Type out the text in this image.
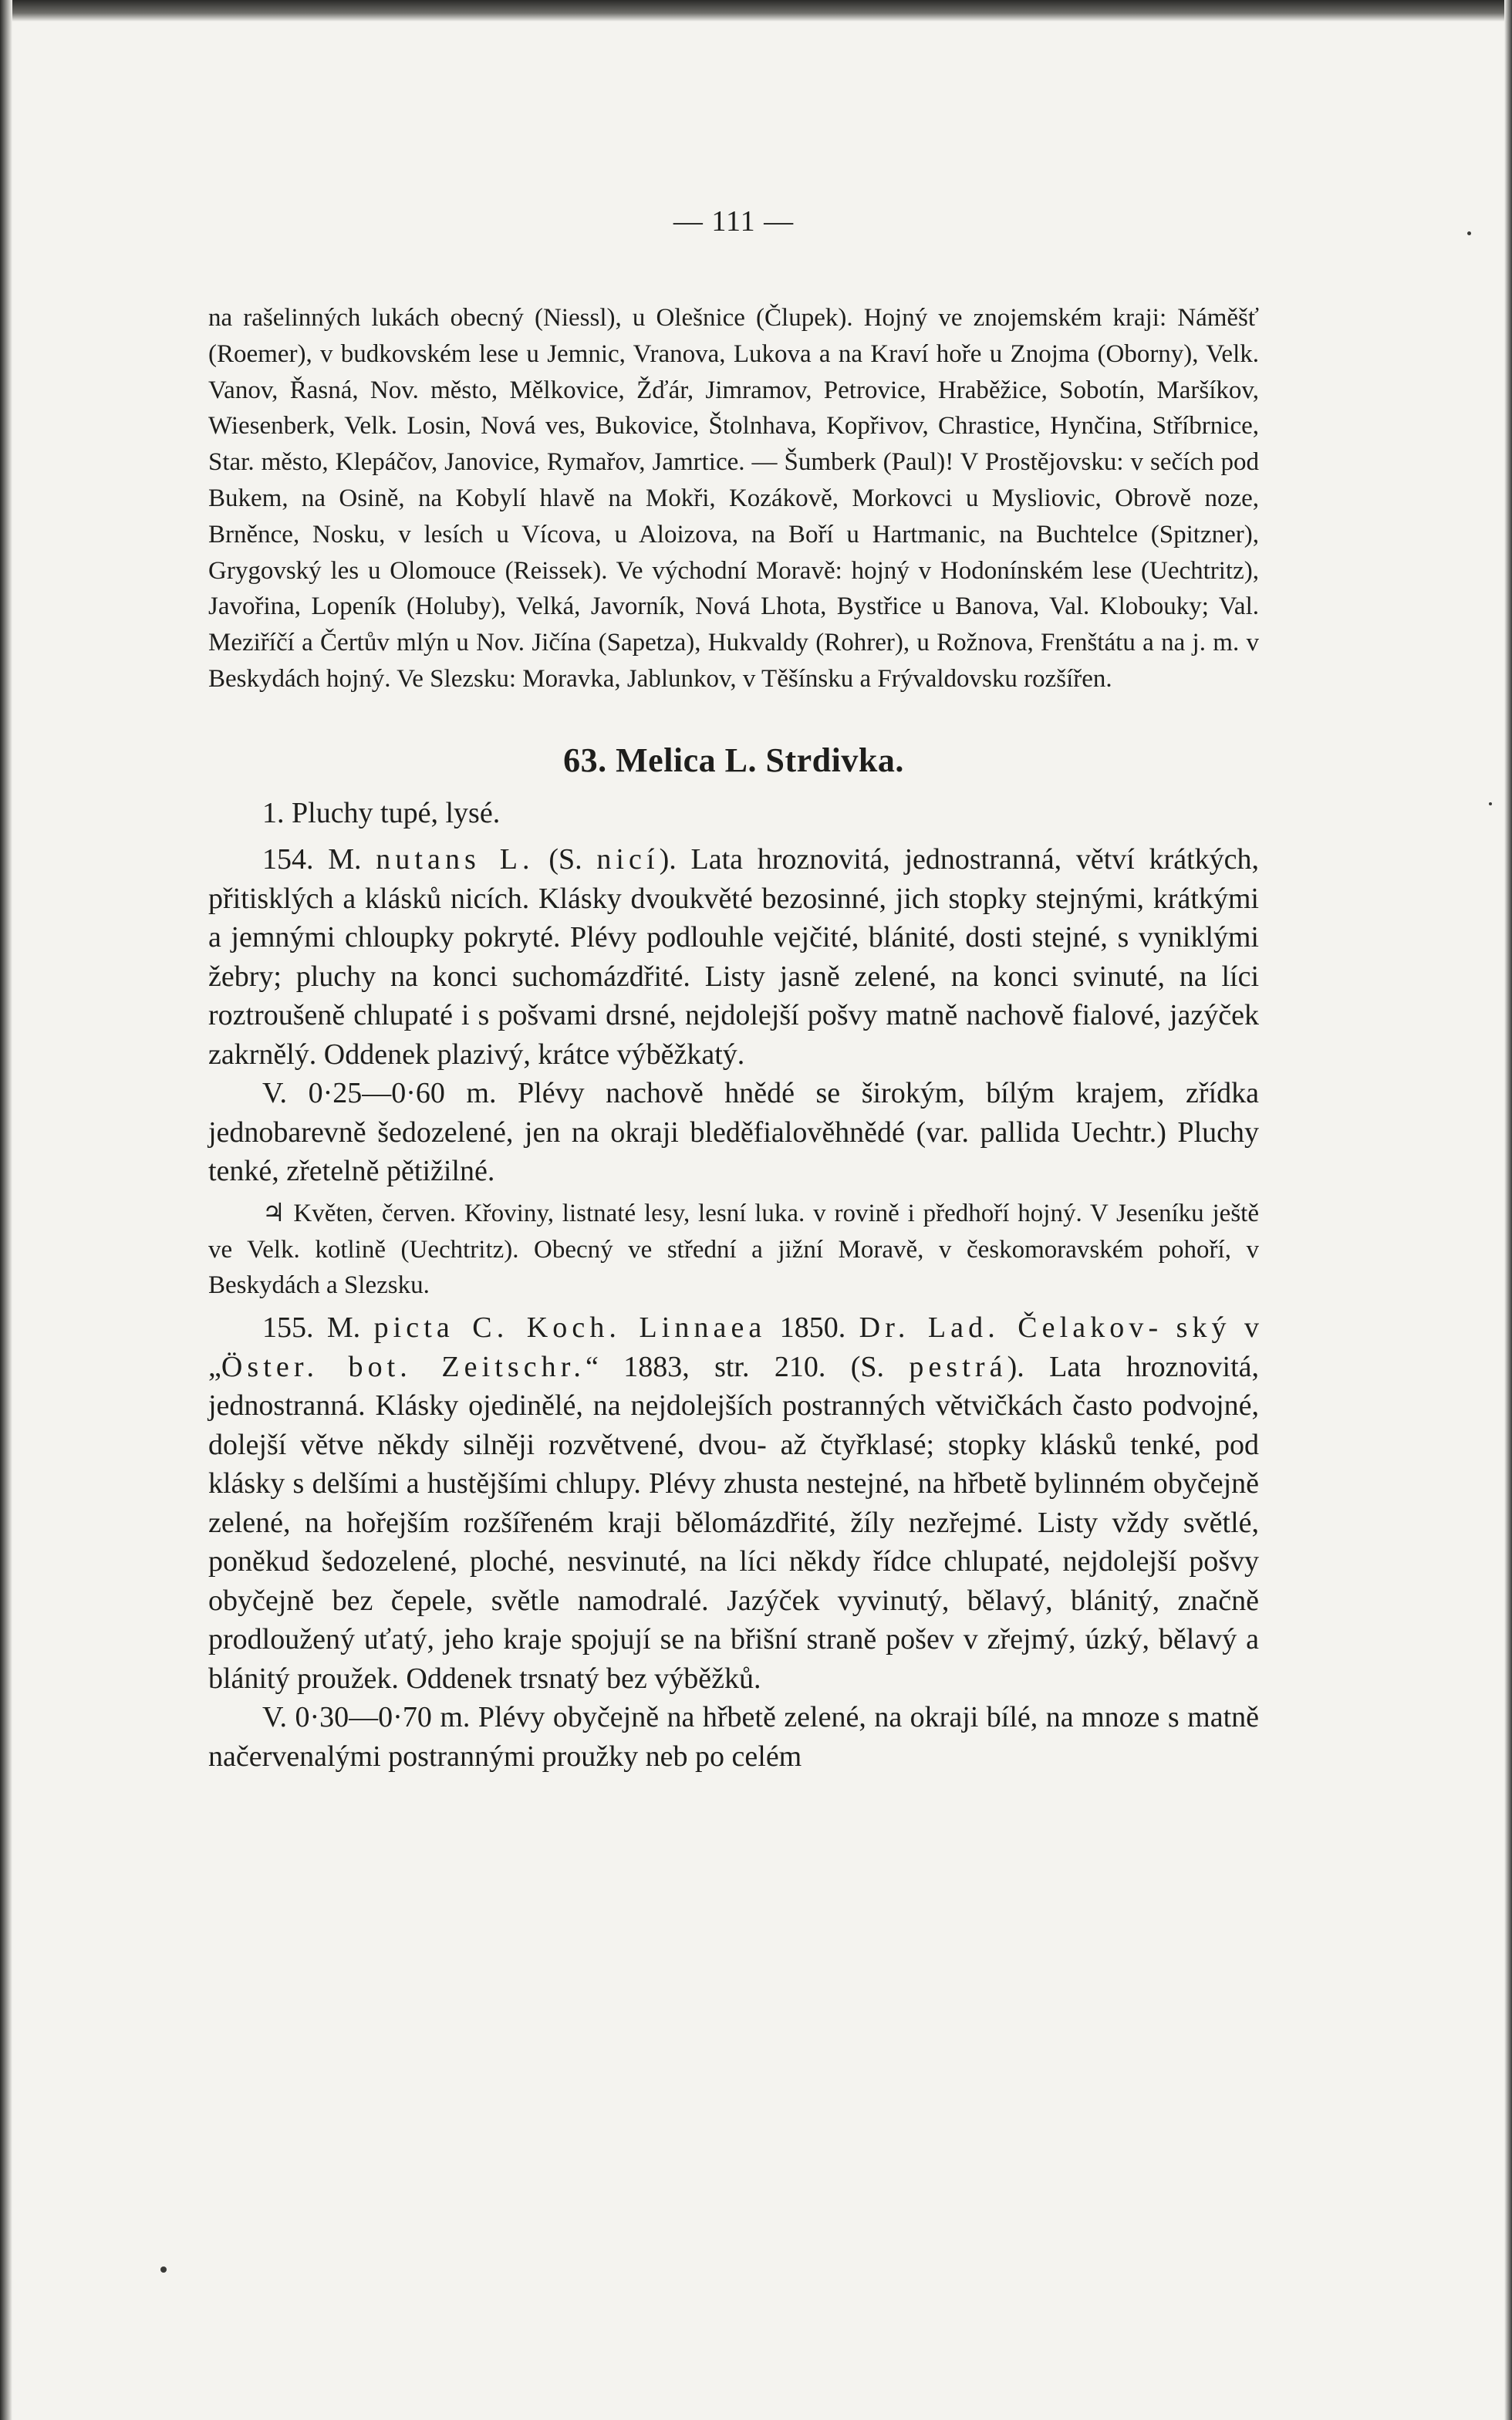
— 111 —

na rašelinných lukách obecný (Niessl), u Olešnice (Člupek). Hojný ve znojemském kraji: Náměšť (Roemer), v budkovském lese u Jemnic, Vranova, Lukova a na Kraví hoře u Znojma (Oborny), Velk. Vanov, Řasná, Nov. město, Mělkovice, Žďár, Jimramov, Petrovice, Hraběžice, Sobotín, Maršíkov, Wiesenberk, Velk. Losin, Nová ves, Bukovice, Štolnhava, Kopřivov, Chrastice, Hynčina, Stříbrnice, Star. město, Klepáčov, Janovice, Rymařov, Jamrtice. — Šumberk (Paul)! V Prostějovsku: v sečích pod Bukem, na Osině, na Kobylí hlavě na Mokři, Kozákově, Morkovci u Mysliovic, Obrově noze, Brněnce, Nosku, v lesích u Vícova, u Aloizova, na Boří u Hartmanic, na Buchtelce (Spitzner), Grygovský les u Olomouce (Reissek). Ve východní Moravě: hojný v Hodonínském lese (Uechtritz), Javořina, Lopeník (Holuby), Velká, Javorník, Nová Lhota, Bystřice u Banova, Val. Klobouky; Val. Meziříčí a Čertův mlýn u Nov. Jičína (Sapetza), Hukvaldy (Rohrer), u Rožnova, Frenštátu a na j. m. v Beskydách hojný. Ve Slezsku: Moravka, Jablunkov, v Těšínsku a Frývaldovsku rozšířen.

63. Melica L. Strdivka.

1. Pluchy tupé, lysé.

154. M. nutans L. (S. nicí). Lata hroznovitá, jednostranná, větví krátkých, přitisklých a klásků nicích. Klásky dvoukvěté bezosinné, jich stopky stejnými, krátkými a jemnými chloupky pokryté. Plévy podlouhle vejčité, blánité, dosti stejné, s vyniklými žebry; pluchy na konci suchomázdřité. Listy jasně zelené, na konci svinuté, na líci roztroušeně chlupaté i s pošvami drsné, nejdolejší pošvy matně nachově fialové, jazýček zakrnělý. Oddenek plazivý, krátce výběžkatý.

V. 0·25—0·60 m. Plévy nachově hnědé se širokým, bílým krajem, zřídka jednobarevně šedozelené, jen na okraji bleděfialověhnědé (var. pallida Uechtr.) Pluchy tenké, zřetelně pětižilné.

♃ Květen, červen. Křoviny, listnaté lesy, lesní luka. v rovině i předhoří hojný. V Jeseníku ještě ve Velk. kotlině (Uechtritz). Obecný ve střední a jižní Moravě, v českomoravském pohoří, v Beskydách a Slezsku.

155. M. picta C. Koch. Linnaea 1850. Dr. Lad. Čelakov- ský v „Öster. bot. Zeitschr.“ 1883, str. 210. (S. pestrá). Lata hroznovitá, jednostranná. Klásky ojedinělé, na nejdolejších postranných větvičkách často podvojné, dolejší větve někdy silněji rozvětvené, dvou- až čtyřklasé; stopky klásků tenké, pod klásky s delšími a hustějšími chlupy. Plévy zhusta nestejné, na hřbetě bylinném obyčejně zelené, na hořejším rozšířeném kraji bělomázdřité, žíly nezřejmé. Listy vždy světlé, poněkud šedozelené, ploché, nesvinuté, na líci někdy řídce chlupaté, nejdolejší pošvy obyčejně bez čepele, světle namodralé. Jazýček vyvinutý, bělavý, blánitý, značně prodloužený uťatý, jeho kraje spojují se na břišní straně pošev v zřejmý, úzký, bělavý a blánitý proužek. Oddenek trsnatý bez výběžků.

V. 0·30—0·70 m. Plévy obyčejně na hřbetě zelené, na okraji bílé, na mnoze s matně načervenalými postrannými proužky neb po celém
